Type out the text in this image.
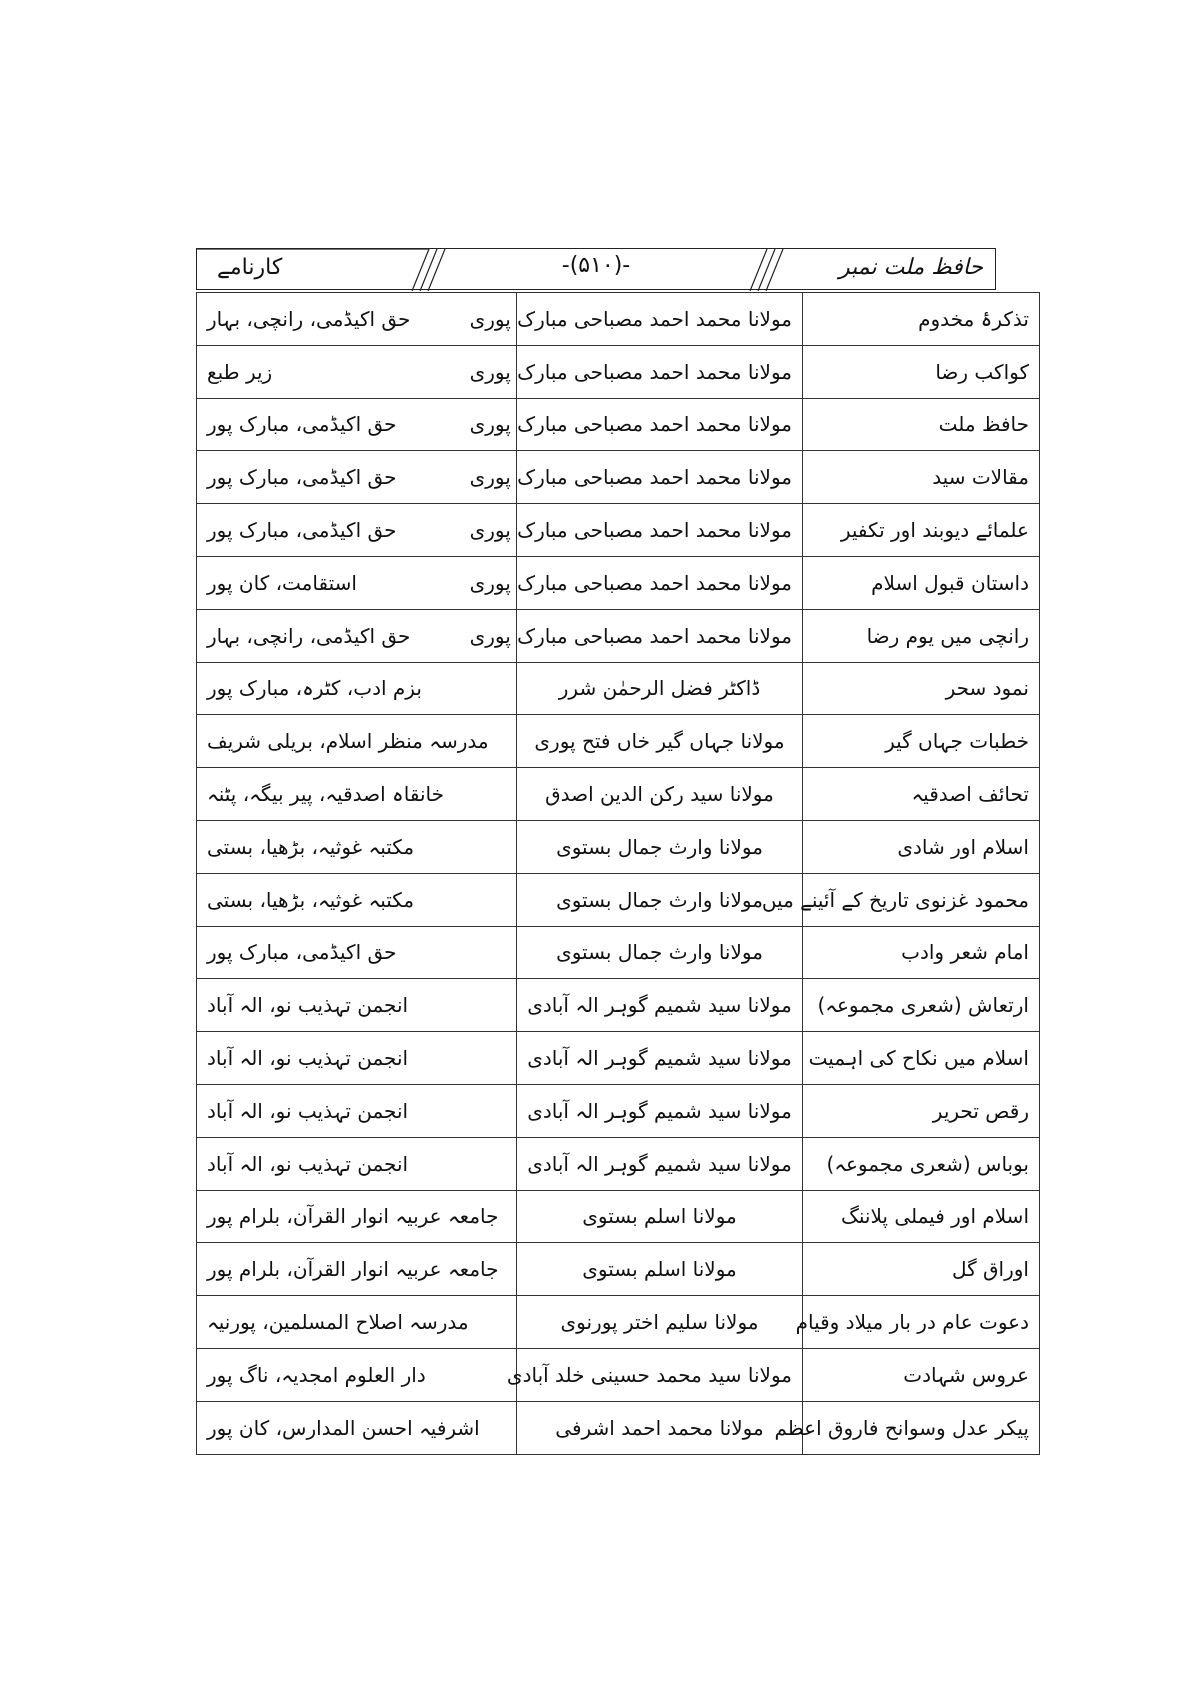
حافظ ملت نمبر
-(۵۱۰)-
کارنامے
تذکرۂ مخدوم	مولانا محمد احمد مصباحی مبارک پوری	حق اکیڈمی، رانچی، بہار
کواکب رضا	مولانا محمد احمد مصباحی مبارک پوری	زیر طبع
حافظ ملت	مولانا محمد احمد مصباحی مبارک پوری	حق اکیڈمی، مبارک پور
مقالات سید	مولانا محمد احمد مصباحی مبارک پوری	حق اکیڈمی، مبارک پور
علمائے دیوبند اور تکفیر	مولانا محمد احمد مصباحی مبارک پوری	حق اکیڈمی، مبارک پور
داستان قبول اسلام	مولانا محمد احمد مصباحی مبارک پوری	استقامت، کان پور
رانچی میں یوم رضا	مولانا محمد احمد مصباحی مبارک پوری	حق اکیڈمی، رانچی، بہار
نمود سحر	ڈاکٹر فضل الرحمٰن شرر	بزم ادب، کٹرہ، مبارک پور
خطبات جہاں گیر	مولانا جہاں گیر خاں فتح پوری	مدرسہ منظر اسلام، بریلی شریف
تحائف اصدقیہ	مولانا سید رکن الدین اصدق	خانقاہ اصدقیہ، پیر بیگہ، پٹنہ
اسلام اور شادی	مولانا وارث جمال بستوی	مکتبہ غوثیہ، بڑھیا، بستی
محمود غزنوی تاریخ کے آئینے میں	مولانا وارث جمال بستوی	مکتبہ غوثیہ، بڑھیا، بستی
امام شعر وادب	مولانا وارث جمال بستوی	حق اکیڈمی، مبارک پور
ارتعاش (شعری مجموعہ)	مولانا سید شمیم گوہر الہ آبادی	انجمن تہذیب نو، الہ آباد
اسلام میں نکاح کی اہمیت	مولانا سید شمیم گوہر الہ آبادی	انجمن تہذیب نو، الہ آباد
رقص تحریر	مولانا سید شمیم گوہر الہ آبادی	انجمن تہذیب نو، الہ آباد
بوباس (شعری مجموعہ)	مولانا سید شمیم گوہر الہ آبادی	انجمن تہذیب نو، الہ آباد
اسلام اور فیملی پلاننگ	مولانا اسلم بستوی	جامعہ عربیہ انوار القرآن، بلرام پور
اوراق گل	مولانا اسلم بستوی	جامعہ عربیہ انوار القرآن، بلرام پور
دعوت عام در بار میلاد وقیام	مولانا سلیم اختر پورنوی	مدرسہ اصلاح المسلمین، پورنیہ
عروس شہادت	مولانا سید محمد حسینی خلد آبادی	دار العلوم امجدیہ، ناگ پور
پیکر عدل وسوانح فاروق اعظم	مولانا محمد احمد اشرفی	اشرفیہ احسن المدارس، کان پور
